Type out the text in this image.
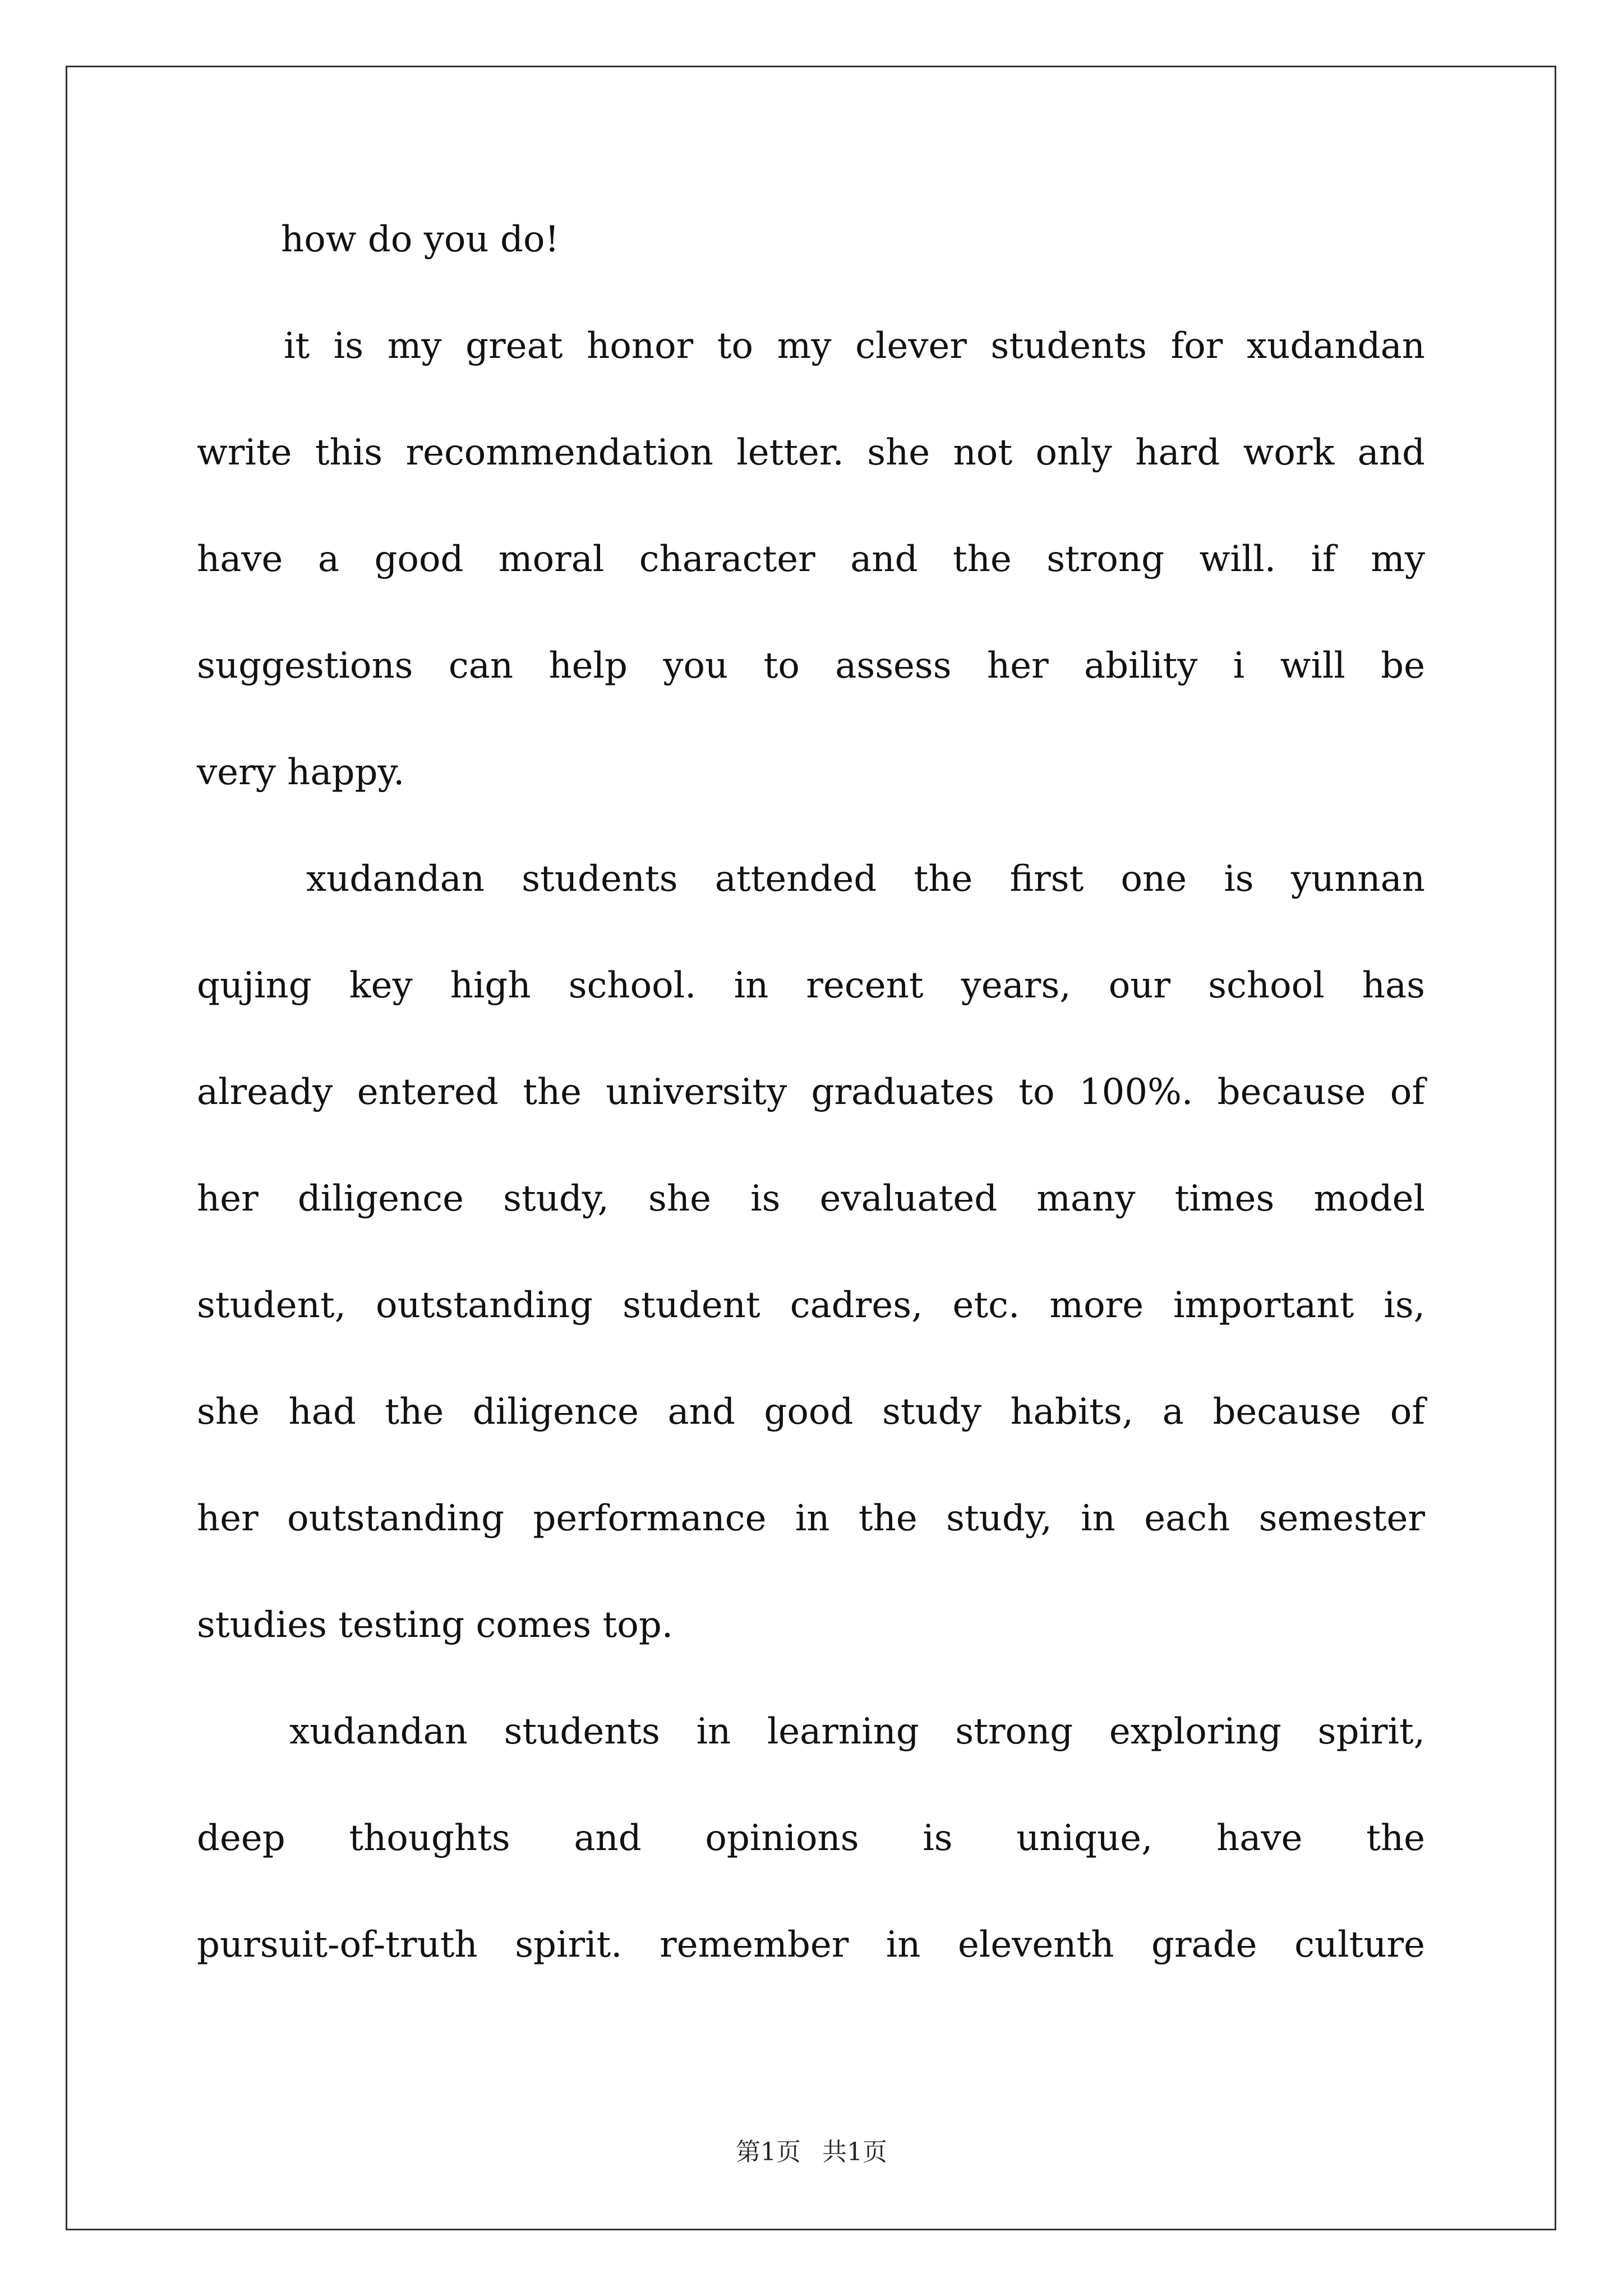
how do you do!
it is my great honor to my clever students for xudandan
write this recommendation letter. she not only hard work and
have a good moral character and the strong will. if my
suggestions can help you to assess her ability i will be
very happy.
xudandan students attended the first one is yunnan
qujing key high school. in recent years, our school has
already entered the university graduates to 100%. because of
her diligence study, she is evaluated many times model
student, outstanding student cadres, etc. more important is,
she had the diligence and good study habits, a because of
her outstanding performance in the study, in each semester
studies testing comes top.
xudandan students in learning strong exploring spirit,
deep thoughts and opinions is unique, have the
pursuit-of-truth spirit. remember in eleventh grade culture
第1页 共1页
